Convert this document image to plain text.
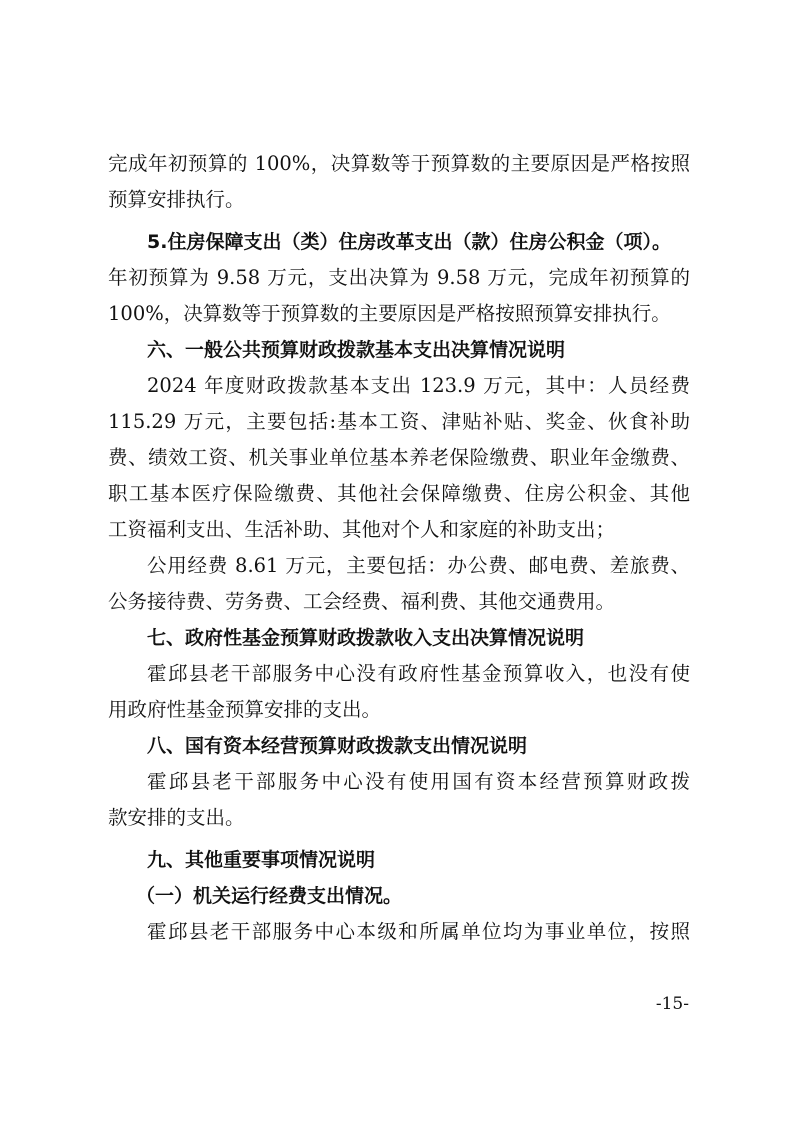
完成年初预算的 100%，决算数等于预算数的主要原因是严格按照
预算安排执行。
5.住房保障支出（类）住房改革支出（款）住房公积金（项）。
年初预算为 9.58 万元，支出决算为 9.58 万元，完成年初预算的
100%，决算数等于预算数的主要原因是严格按照预算安排执行。
六、一般公共预算财政拨款基本支出决算情况说明
2024 年度财政拨款基本支出 123.9 万元，其中：人员经费
115.29 万元，主要包括:基本工资、津贴补贴、奖金、伙食补助
费、绩效工资、机关事业单位基本养老保险缴费、职业年金缴费、
职工基本医疗保险缴费、其他社会保障缴费、住房公积金、其他
工资福利支出、生活补助、其他对个人和家庭的补助支出；
公用经费 8.61 万元，主要包括：办公费、邮电费、差旅费、
公务接待费、劳务费、工会经费、福利费、其他交通费用。
七、政府性基金预算财政拨款收入支出决算情况说明
霍邱县老干部服务中心没有政府性基金预算收入，也没有使
用政府性基金预算安排的支出。
八、国有资本经营预算财政拨款支出情况说明
霍邱县老干部服务中心没有使用国有资本经营预算财政拨
款安排的支出。
九、其他重要事项情况说明
（一）机关运行经费支出情况。
霍邱县老干部服务中心本级和所属单位均为事业单位，按照
-15-
